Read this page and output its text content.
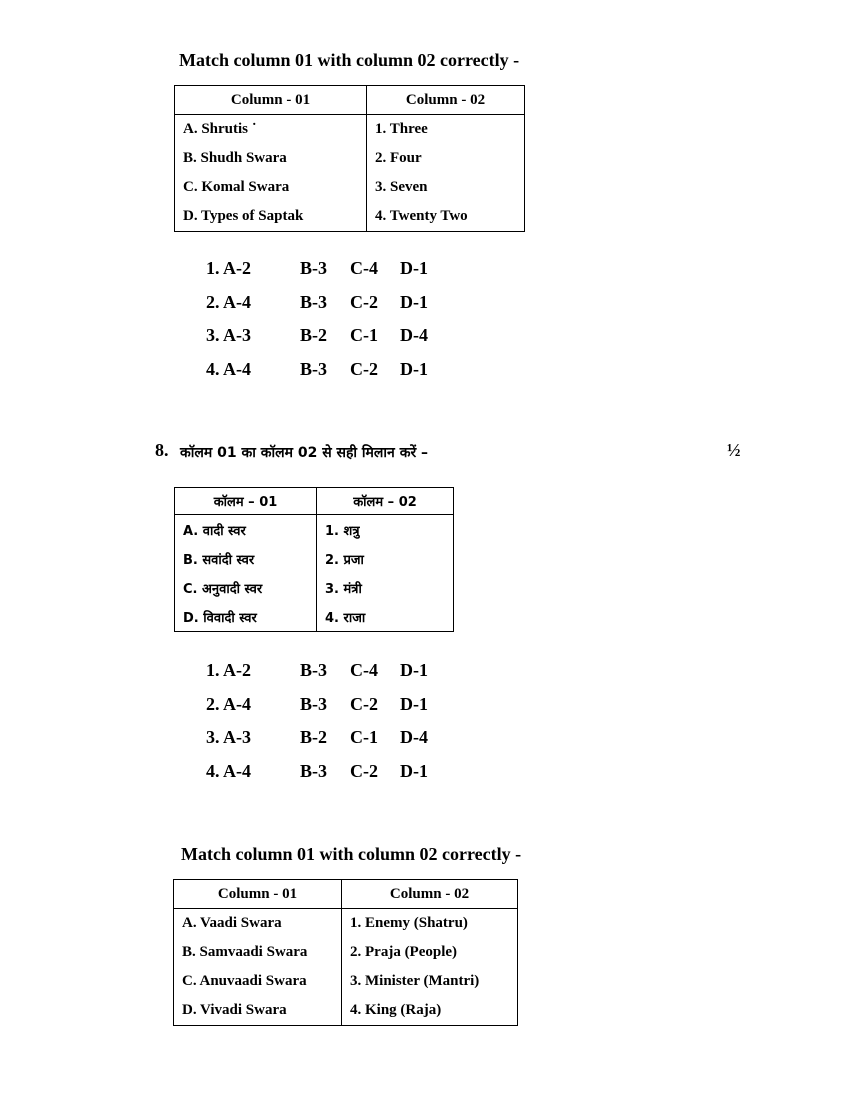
Match column 01 with column 02 correctly -
Column - 01	Column - 02
A. Shrutis ˙	1. Three
B. Shudh Swara	2. Four
C. Komal Swara	3. Seven
D. Types of Saptak	4. Twenty Two
1. A-2	B-3 C-4 D-1
2. A-4	B-3 C-2 D-1
3. A-3	B-2 C-1 D-4
4. A-4	B-3 C-2 D-1
8. कॉलम 01 का कॉलम 02 से सही मिलान करें –	½
कॉलम – 01	कॉलम – 02
A. वादी स्वर	1. शत्रु
B. सवांदी स्वर	2. प्रजा
C. अनुवादी स्वर	3. मंत्री
D. विवादी स्वर	4. राजा
1. A-2	B-3 C-4 D-1
2. A-4	B-3 C-2 D-1
3. A-3	B-2 C-1 D-4
4. A-4	B-3 C-2 D-1
Match column 01 with column 02 correctly -
Column - 01	Column - 02
A. Vaadi Swara	1. Enemy (Shatru)
B. Samvaadi Swara	2. Praja (People)
C. Anuvaadi Swara	3. Minister (Mantri)
D. Vivadi Swara	4. King (Raja)
